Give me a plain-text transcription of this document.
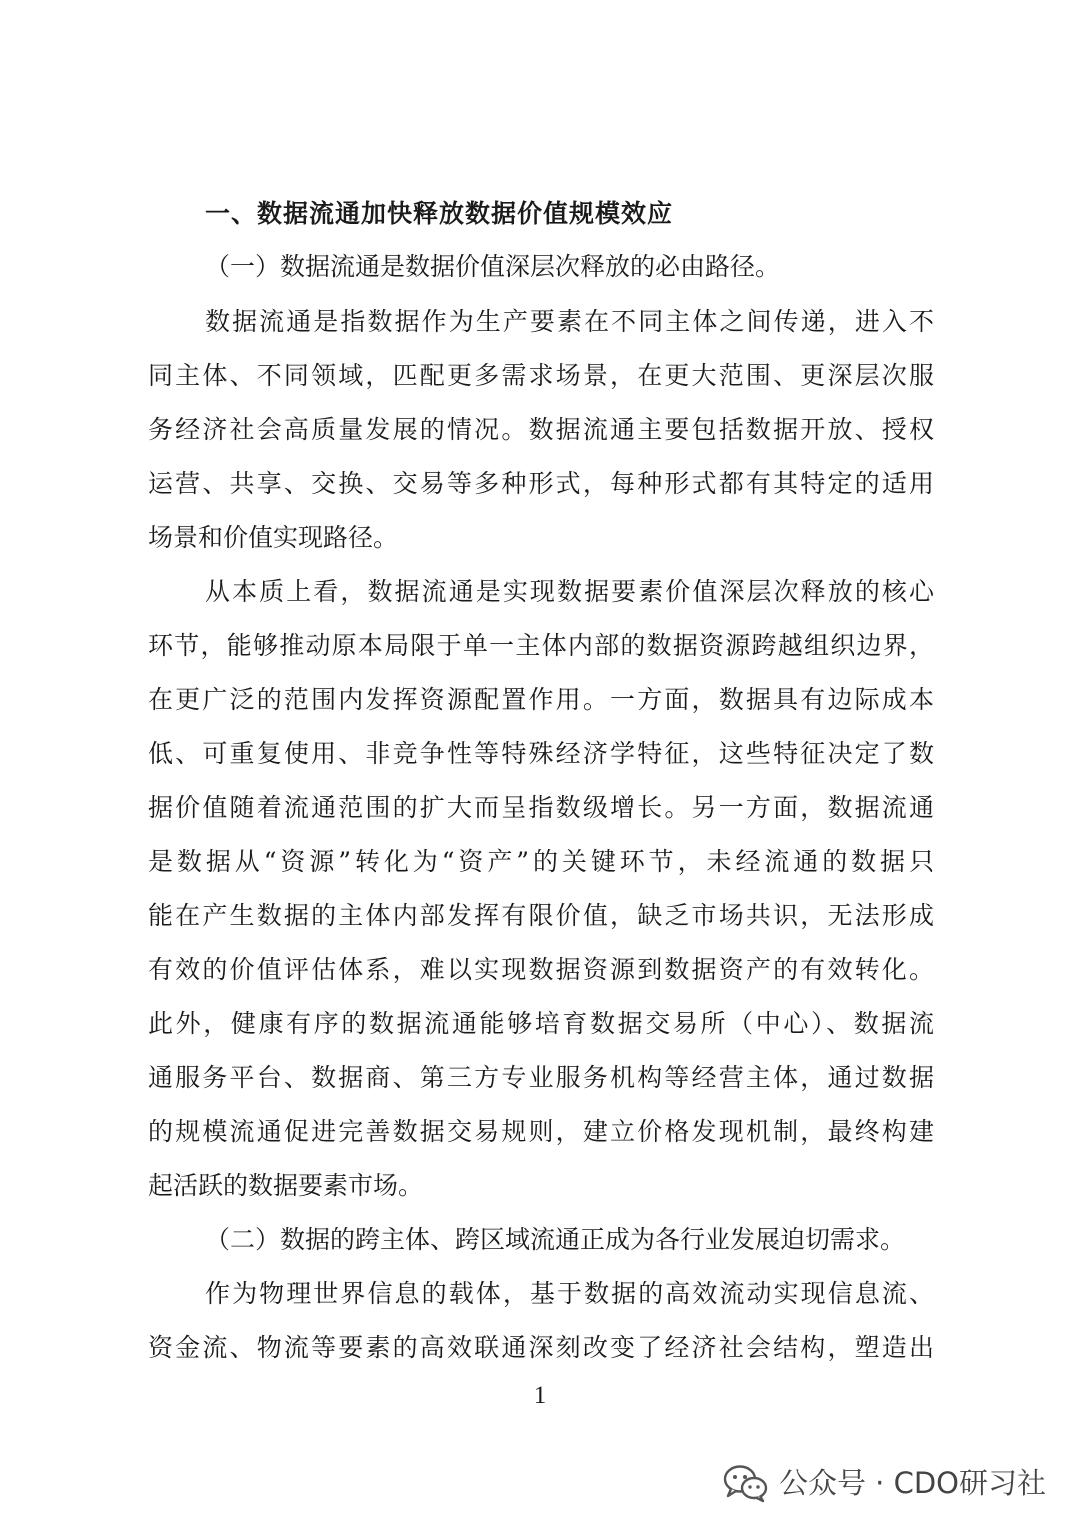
一、数据流通加快释放数据价值规模效应
（一）数据流通是数据价值深层次释放的必由路径。
数据流通是指数据作为生产要素在不同主体之间传递，进入不
同主体、不同领域，匹配更多需求场景，在更大范围、更深层次服
务经济社会高质量发展的情况。数据流通主要包括数据开放、授权
运营、共享、交换、交易等多种形式，每种形式都有其特定的适用
场景和价值实现路径。
从本质上看，数据流通是实现数据要素价值深层次释放的核心
环节，能够推动原本局限于单一主体内部的数据资源跨越组织边界，
在更广泛的范围内发挥资源配置作用。一方面，数据具有边际成本
低、可重复使用、非竞争性等特殊经济学特征，这些特征决定了数
据价值随着流通范围的扩大而呈指数级增长。另一方面，数据流通
是数据从“资源”转化为“资产”的关键环节，未经流通的数据只
能在产生数据的主体内部发挥有限价值，缺乏市场共识，无法形成
有效的价值评估体系，难以实现数据资源到数据资产的有效转化。
此外，健康有序的数据流通能够培育数据交易所（中心）、数据流
通服务平台、数据商、第三方专业服务机构等经营主体，通过数据
的规模流通促进完善数据交易规则，建立价格发现机制，最终构建
起活跃的数据要素市场。
（二）数据的跨主体、跨区域流通正成为各行业发展迫切需求。
作为物理世界信息的载体，基于数据的高效流动实现信息流、
资金流、物流等要素的高效联通深刻改变了经济社会结构，塑造出
1
公众号 · CDO研习社
